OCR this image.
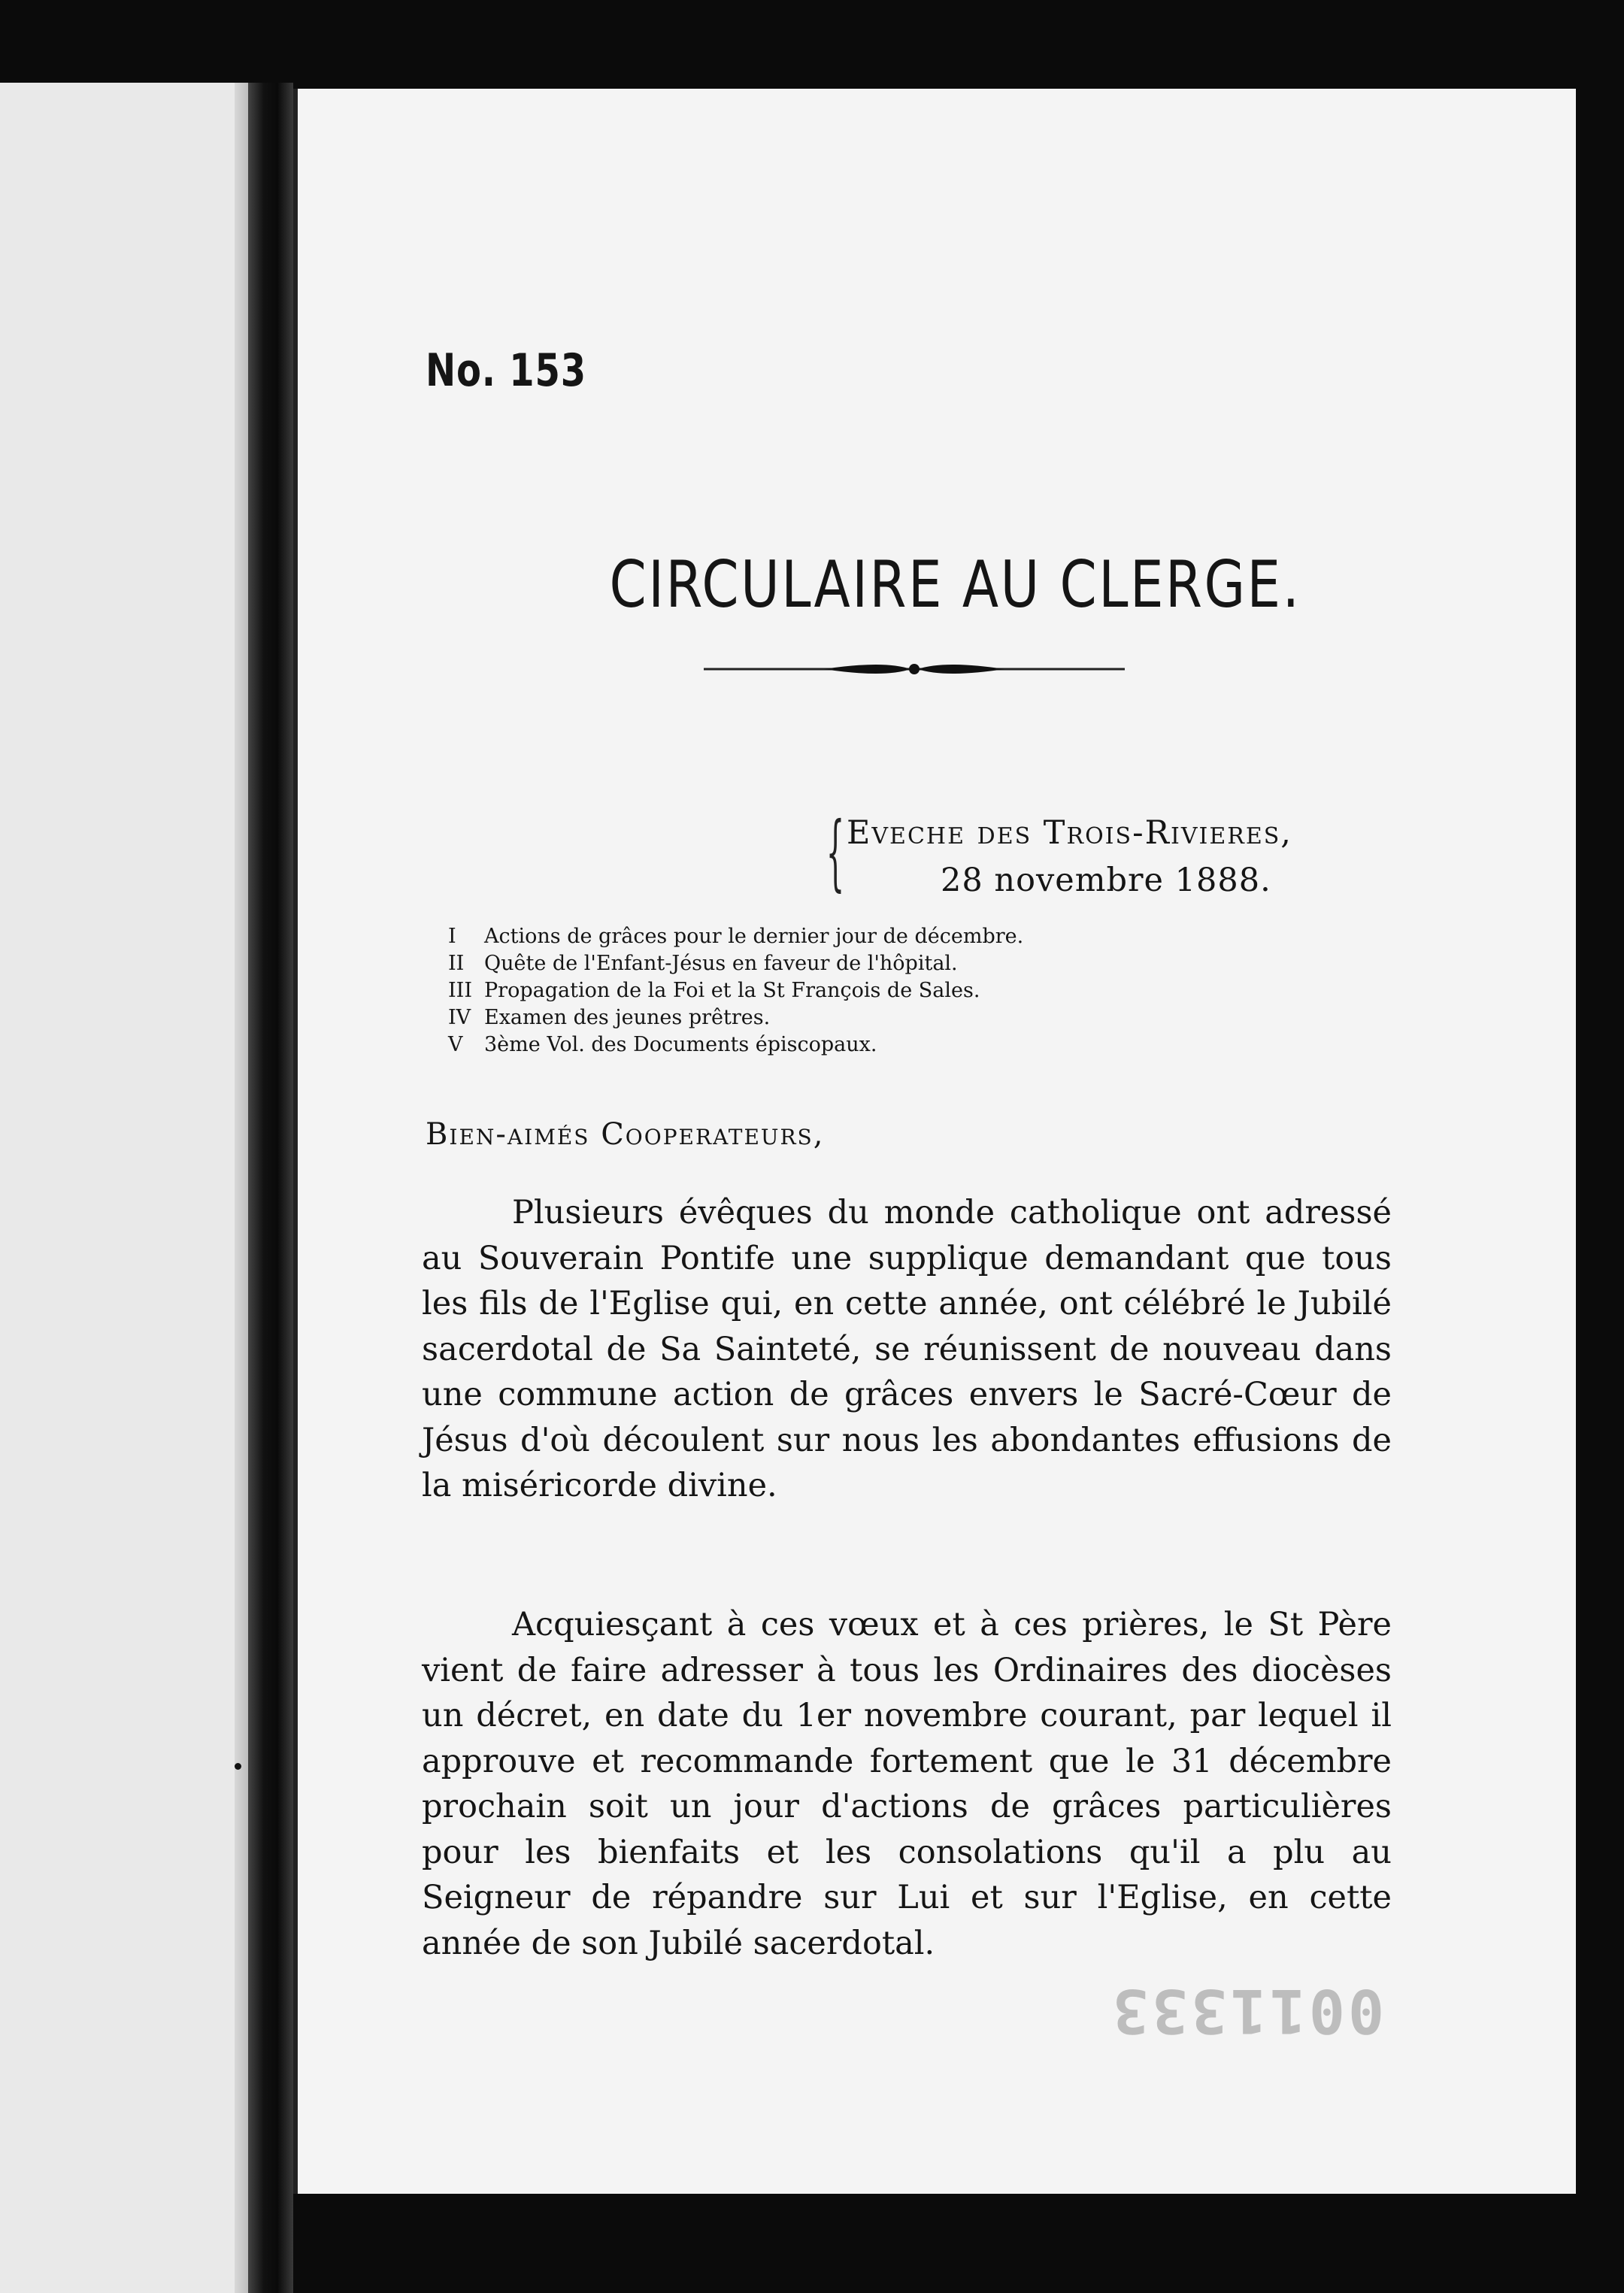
No. 153
CIRCULAIRE AU CLERGE.
{ Eveche des Trois-Rivieres,
28 novembre 1888.
I	Actions de grâces pour le dernier jour de décembre.
II Quête de l'Enfant-Jésus en faveur de l'hôpital.
III Propagation de la Foi et la St François de Sales.
IV Examen des jeunes prêtres.
V	3ème Vol. des Documents épiscopaux.
Bien-aimés Cooperateurs,

Plusieurs évêques du monde catholique ont adressé au Souverain Pontife une supplique demandant que tous les fils de l'Eglise qui, en cette année, ont célébré le Jubilé sacerdotal de Sa Sainteté, se réunissent de nouveau dans une commune action de grâces envers le Sacré-Cœur de Jésus d'où découlent sur nous les abondantes effusions de la miséricorde divine.

Acquiesçant à ces vœux et à ces prières, le St Père vient de faire adresser à tous les Ordinaires des diocèses un décret, en date du 1er novembre courant, par lequel il approuve et recommande fortement que le 31 décembre prochain soit un jour d'actions de grâces particulières pour les bienfaits et les consolations qu'il a plu au Seigneur de répandre sur Lui et sur l'Eglise, en cette année de son Jubilé sacerdotal.

0011333
